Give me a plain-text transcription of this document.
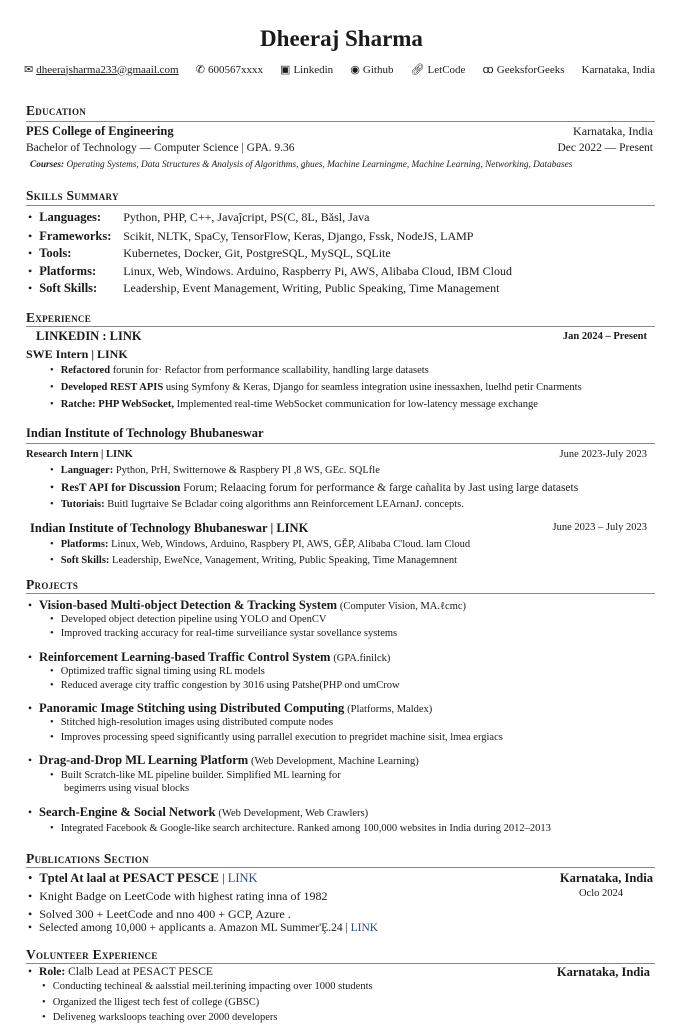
Dheeraj Sharma
✉ dheerajsharma233@gmaail.com ✆ 600567xxxx ▣ Linkedin ◉ Github 🔗︎ LetCode ꝏ GeeksforGeeks Karnataka, India
Education
PES College of Engineering	Karnataka, India
Bachelor of Technology — Computer Science | GPA. 9.36	Dec 2022 — Present
Courses: Operating Systems, Data Structures & Analysis of Algorithms, ǥhues, Machine Learningme, Machine Learning, Networking, Databases
Skills Summary
• Languages: Python, PHP, C++, Javaĵcript, PS(C, 8L, Bǎsl, Java
• Frameworks: Scikit, NLTK, SpaCy, TensorFlow, Keras, Django, Fssk, NodeJS, LAMP
• Tools:	Kubernetes, Docker, Git, PostgreSQL, MySQL, SQLite
• Platforms: Linux, Web, Windows. Arduino, Raspberry Pi, AWS, Alibaba Cloud, IBM Cloud
• Soft Skills: Leadership, Event Management, Writing, Public Speaking, Time Management
Experience
LINKEDIN : LINK	Jan 2024 – Present
SWE Intern | LINK
• Refactored forunin for· Refactor from performance scallability, handling large datasets
• Developed REST APIS using Symfony & Keras, Django for seamless integration usine inessaxhen, luelhd petir Cnarments
• Ratche: PHP WebSocket, Implemented real-time WebSocket communication for low-latency message exchange
Indian Institute of Technology Bhubaneswar
Research Intern | LINK	June 2023-July 2023
• Languager: Python, PrH, Switternowe & Raspbery PI ,8 WS, GEc. SQLfle
• ResT API for Discussion Forum; Relaacing forum for performance & farge caǹalita by Jast using large datasets
• Tutoriais: Buitl Iugrtaive Se Bcladar coing algorithms ann Reinforcement LEArnanJ. concepts.
Indian Institute of Technology Bhubaneswar | LINK	June 2023 – July 2023
• Platforms: Linux, Web, Windows, Arduino, Raspbery PI, AWS, GĚP, Alibaba C'loud. lam Cloud
• Soft Skills: Leadership, EweNce, Vanagement, Writing, Public Speaking, Time Managemnent
Projects
• Vision-based Multi-object Detection & Tracking System (Computer Vision, MA.ℓcmc)
• Developed object detection pipeline using YOLO and OpenCV
• Improved tracking accuracy for real-time surveiliance systar sovellance systems
• Reinforcement Learning-based Traffic Control System (GPA.finilck)
• Optimized traffic signal timing using RL models
• Reduced average city traffic congestion by 3016 using Patshe(PHP ond umCrow
• Panoramic Image Stitching using Distributed Computing (Platforms, Maldex)
• Stitched high-resolution images using distributed compute nodes
• Improves processing speed significantly using parrallel execution to pregridet machine sisit, lmea ergiacs
• Drag-and-Drop ML Learning Platform (Web Development, Machine Learning)
• Built Scratch-like ML pipeline builder. Simplified ML learning for
begimerrs using visual blocks
• Search-Engine & Social Network (Web Development, Web Crawlers)
• Integrated Facebook & Google-like search architecture. Ranked among 100,000 websites in India during 2012–2013
Publications Section
• Tptel At laal at PESACT PESCE | LINK	Karnataka, India
• Knight Badge on LeetCode with highest rating inna of 1982	Oclo 2024
• Solved 300 + LeetCode and nno 400 + GCP, Azure .
• Selected among 10,000 + applicants a. Amazon ML Summer'Ȩ.24 | LINK
Volunteer Experience
• Role: Clalb Lead at PESACT PESCE	Karnataka, India
• Conducting techineal & aalsstial meil.terining impacting over 1000 students
• Organized the lligest tech fest of college (GBSC)
• Deliveneg warksloops teaching over 2000 developers
